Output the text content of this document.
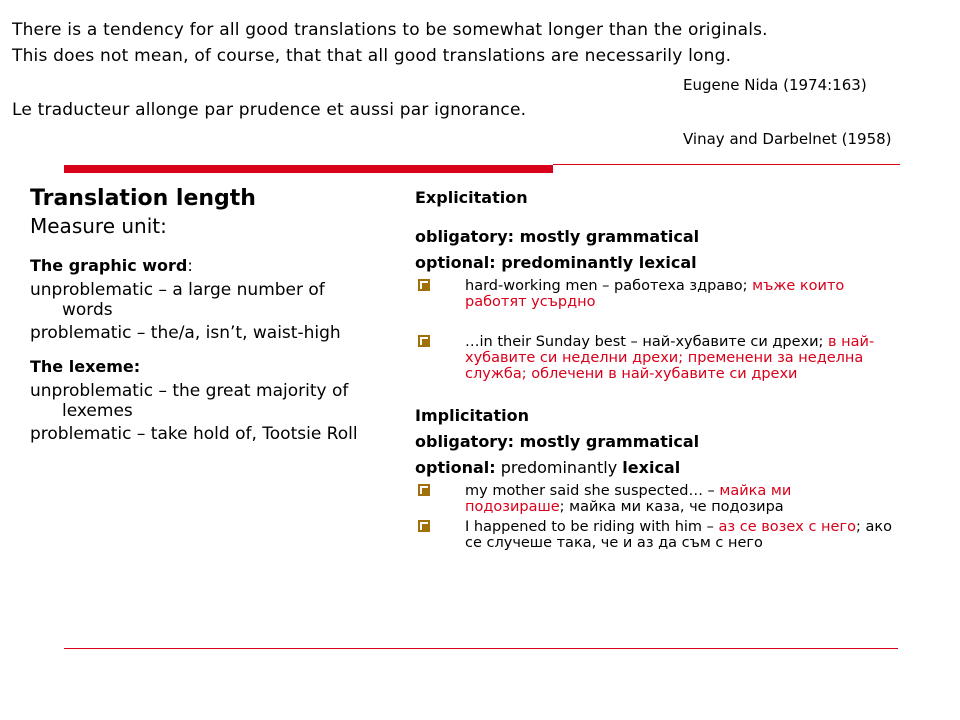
There is a tendency for all good translations to be somewhat longer than the originals.
This does not mean, of course, that that all good translations are necessarily long.
Eugene Nida (1974:163)
Le traducteur allonge par prudence et aussi par ignorance.
Vinay and Darbelnet (1958)
Translation length
Measure unit:
The graphic word:
unproblematic – a large number of words
problematic – the/a, isn’t, waist-high
The lexeme:
unproblematic – the great majority of lexemes
problematic – take hold of, Tootsie Roll
Explicitation
obligatory: mostly grammatical
optional: predominantly lexical
hard-working men – работеха здраво; мъже които работят усърдно
…in their Sunday best – най-хубавите си дрехи; в най-хубавите си неделни дрехи; пременени за неделна служба; облечени в най-хубавите си дрехи
Implicitation
obligatory: mostly grammatical
optional: predominantly lexical
my mother said she suspected… – майка ми подозираше; майка ми каза, че подозира
I happened to be riding with him – аз се возех с него; ако се случеше така, че и аз да съм с него
